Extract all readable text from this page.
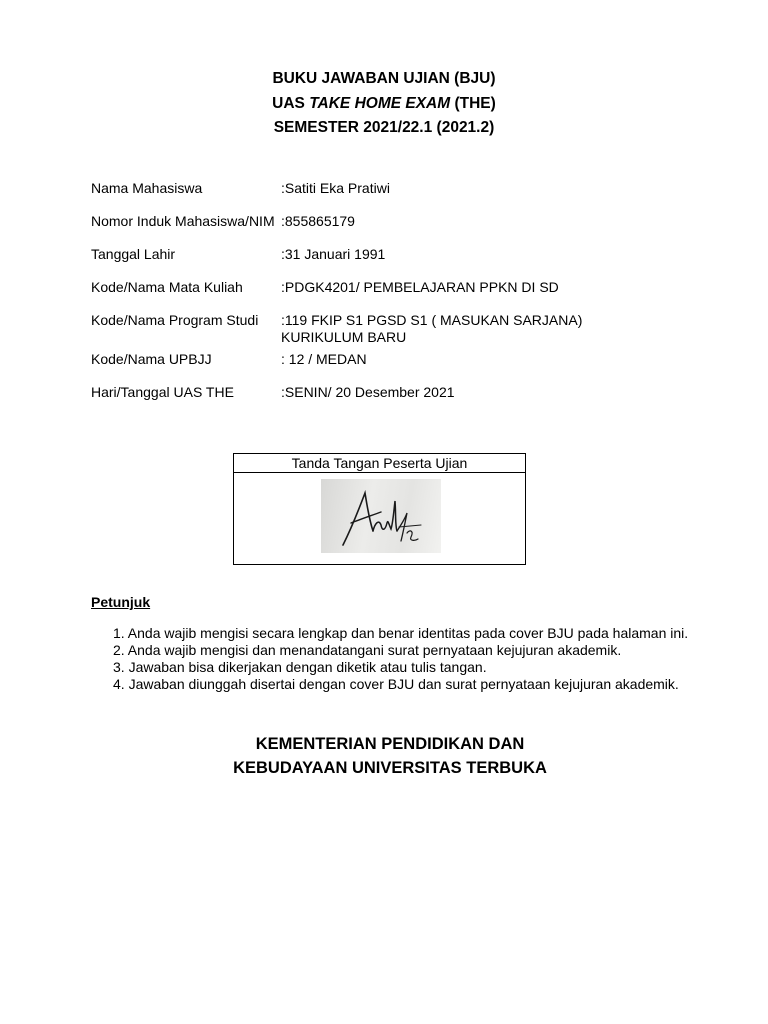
BUKU JAWABAN UJIAN (BJU)
UAS TAKE HOME EXAM (THE)
SEMESTER 2021/22.1 (2021.2)
Nama Mahasiswa	:Satiti Eka Pratiwi
Nomor Induk Mahasiswa/NIM :855865179
Tanggal Lahir	:31 Januari 1991
Kode/Nama Mata Kuliah	:PDGK4201/ PEMBELAJARAN PPKN DI SD
Kode/Nama Program Studi :119 FKIP S1 PGSD S1 ( MASUKAN SARJANA)
KURIKULUM BARU
Kode/Nama UPBJJ	: 12 / MEDAN
Hari/Tanggal UAS THE	:SENIN/ 20 Desember 2021
Tanda Tangan Peserta Ujian
Petunjuk
1. Anda wajib mengisi secara lengkap dan benar identitas pada cover BJU pada halaman ini.
2. Anda wajib mengisi dan menandatangani surat pernyataan kejujuran akademik.
3. Jawaban bisa dikerjakan dengan diketik atau tulis tangan.
4. Jawaban diunggah disertai dengan cover BJU dan surat pernyataan kejujuran akademik.
KEMENTERIAN PENDIDIKAN DAN
KEBUDAYAAN UNIVERSITAS TERBUKA
